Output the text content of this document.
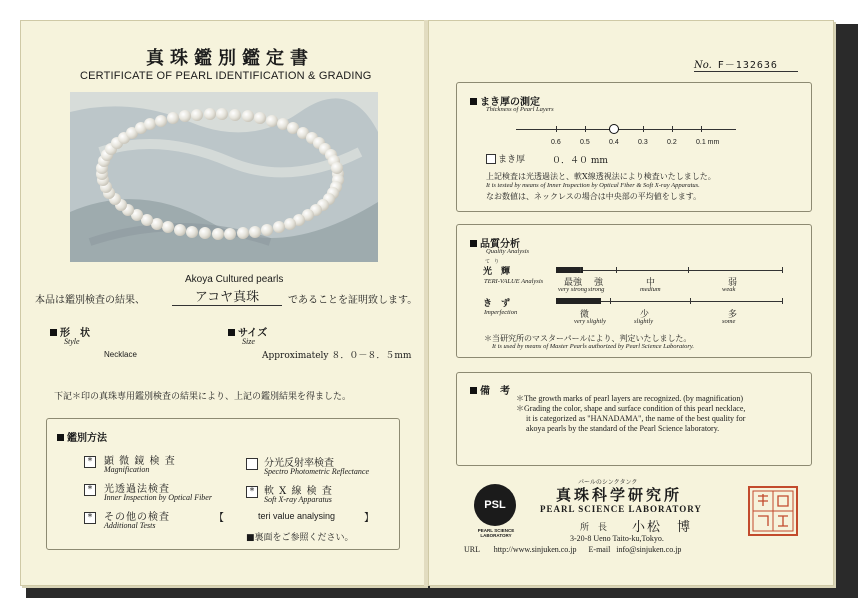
真珠鑑別鑑定書
CERTIFICATE OF PEARL IDENTIFICATION & GRADING
Akoya Cultured pearls
本品は鑑別検査の結果、	アコヤ真珠	であることを証明致します。
形　状
Style
Necklace
サイズ
Size
Approximately ８．０－８．５mm
下記＊印の真珠専用鑑別検査の結果により、上記の鑑別結果を得ました。
鑑別方法
*	顕 微 鏡 検 査
Magnification
*	光透過法検査
Inner Inspection by Optical Fiber
*	その他の検査
Additional Tests
分光反射率検査
Spectro Photometric Reflectance
* 軟 X 線 検 査
Soft X-ray Apparatus
【	teri value analysing	】
■裏面をご参照ください。
No. F－132636
まき厚の測定
Thickness of Pearl Layers
0.6	0.5	0.4	0.3	0.2	0.1 mm
まき厚	０．４０ mm
上記検査は光透過法と、軟X線透視法により検査いたしました。
It is tested by means of Inner Inspection by Optical Fiber & Soft X-ray Apparatus.
なお数値は、ネックレスの場合は中央部の平均値をします。
品質分析
Quality Analysis
てり
光　輝
TERI-VALUE Analysis 最強
very strong
強
strong
中
medium
弱
weak
き　ず
Imperfection	微
very slightly
少
slightly
多
some
＊当研究所のマスターパールにより、判定いたしました。
It is used by means of Master Pearls authorized by Pearl Science Laboratory.
備　考
＊The growth marks of pearl layers are recognized. (by magnification)
＊Grading the color, shape and surface condition of this pearl necklace,
it is categorized as "HANADAMA", the name of the best quality for
akoya pearls by the standard of the Pearl Science laboratory.
PSL
PEARL SCIENCE LABORATORY
パールのシンクタンク
真珠科学研究所
PEARL SCIENCE LABORATORY
所　長 小松　博
3-20-8 Ueno Taito-ku,Tokyo.
URL http://www.sinjuken.co.jp E-mail info@sinjuken.co.jp
